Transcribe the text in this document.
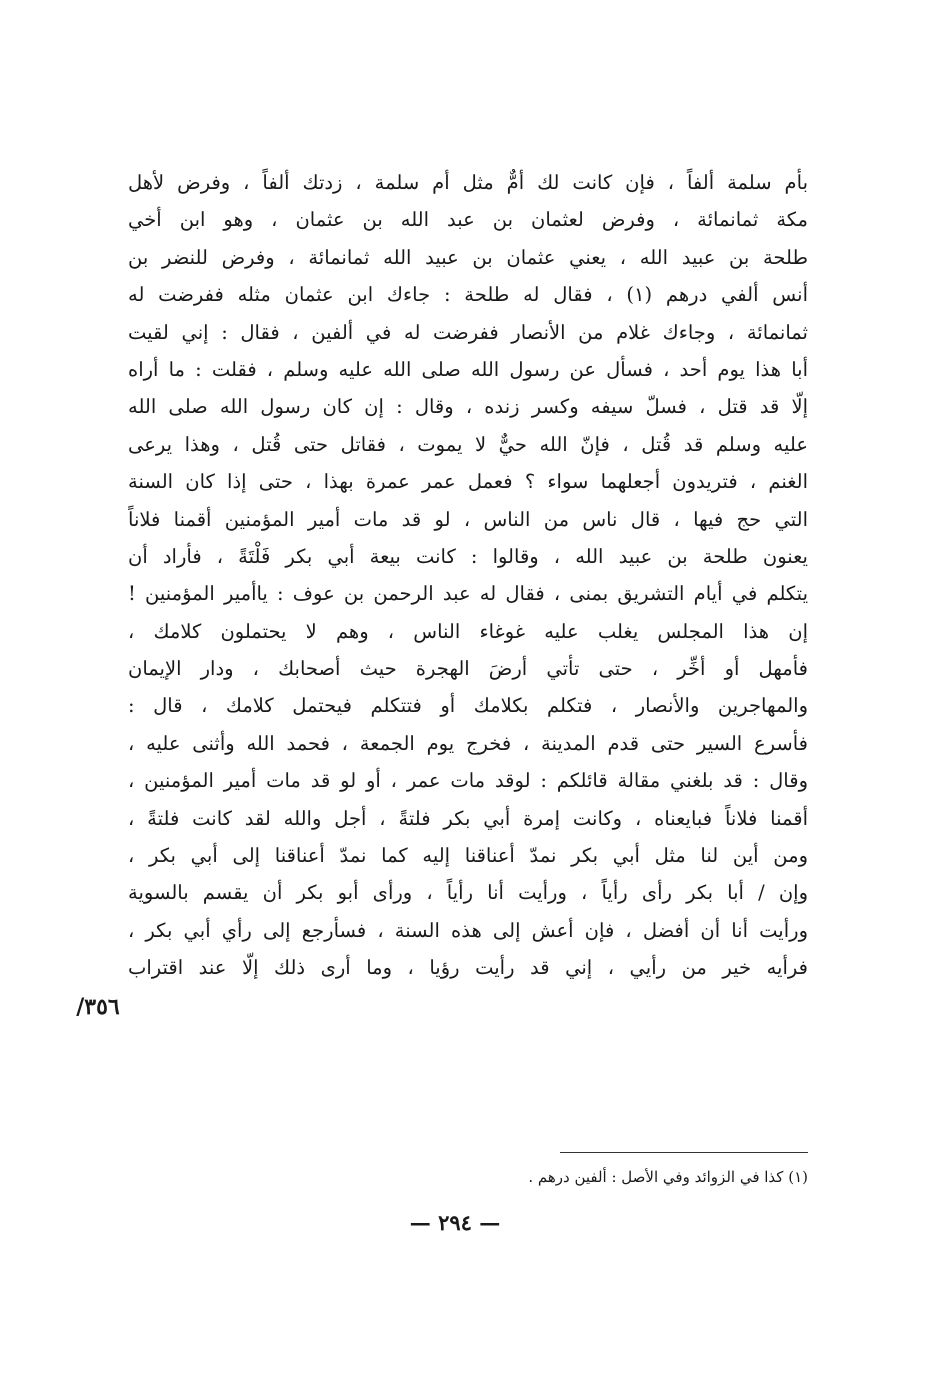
بأم سلمة ألفاً ، فإن كانت لك أمٌّ مثل أم سلمة ، زدتك ألفاً ، وفرض لأهل
مكة ثمانمائة ، وفرض لعثمان بن عبد الله بن عثمان ، وهو ابن أخي
طلحة بن عبيد الله ، يعني عثمان بن عبيد الله ثمانمائة ، وفرض للنضر بن
أنس ألفي درهم (١) ، فقال له طلحة : جاءك ابن عثمان مثله ففرضت له
ثمانمائة ، وجاءك غلام من الأنصار ففرضت له في ألفين ، فقال : إني لقيت
أبا هذا يوم أحد ، فسأل عن رسول الله صلى الله عليه وسلم ، فقلت : ما أراه
إلّا قد قتل ، فسلّ سيفه وكسر زنده ، وقال : إن كان رسول الله صلى الله
عليه وسلم قد قُتل ، فإنّ الله حيٌّ لا يموت ، فقاتل حتى قُتل ، وهذا يرعى
الغنم ، فتريدون أجعلهما سواء ؟ فعمل عمر عمرة بهذا ، حتى إذا كان السنة
التي حج فيها ، قال ناس من الناس ، لو قد مات أمير المؤمنين أقمنا فلاناً
يعنون طلحة بن عبيد الله ، وقالوا : كانت بيعة أبي بكر فَلْتَةً ، فأراد أن
يتكلم في أيام التشريق بمنى ، فقال له عبد الرحمن بن عوف : ياأمير المؤمنين !
إن هذا المجلس يغلب عليه غوغاء الناس ، وهم لا يحتملون كلامك ،
فأمهل أو أخِّر ، حتى تأتي أرضَ الهجرة حيث أصحابك ، ودار الإيمان
والمهاجرين والأنصار ، فتكلم بكلامك أو فتتكلم فيحتمل كلامك ، قال :
فأسرع السير حتى قدم المدينة ، فخرج يوم الجمعة ، فحمد الله وأثنى عليه ،
وقال : قد بلغني مقالة قائلكم : لوقد مات عمر ، أو لو قد مات أمير المؤمنين ،
أقمنا فلاناً فبايعناه ، وكانت إمرة أبي بكر فلتةً ، أجل والله لقد كانت فلتةً ،
ومن أين لنا مثل أبي بكر نمدّ أعناقنا إليه كما نمدّ أعناقنا إلى أبي بكر ،
وإن / أبا بكر رأى رأياً ، ورأيت أنا رأياً ، ورأى أبو بكر أن يقسم بالسوية
ورأيت أنا أن أفضل ، فإن أعش إلى هذه السنة ، فسأرجع إلى رأي أبي بكر ،
فرأيه خير من رأيي ، إني قد رأيت رؤيا ، وما أرى ذلك إلّا عند اقتراب
٣٥٦/
(١) كذا في الزوائد وفي الأصل : ألفين درهم .
— ٢٩٤ —
